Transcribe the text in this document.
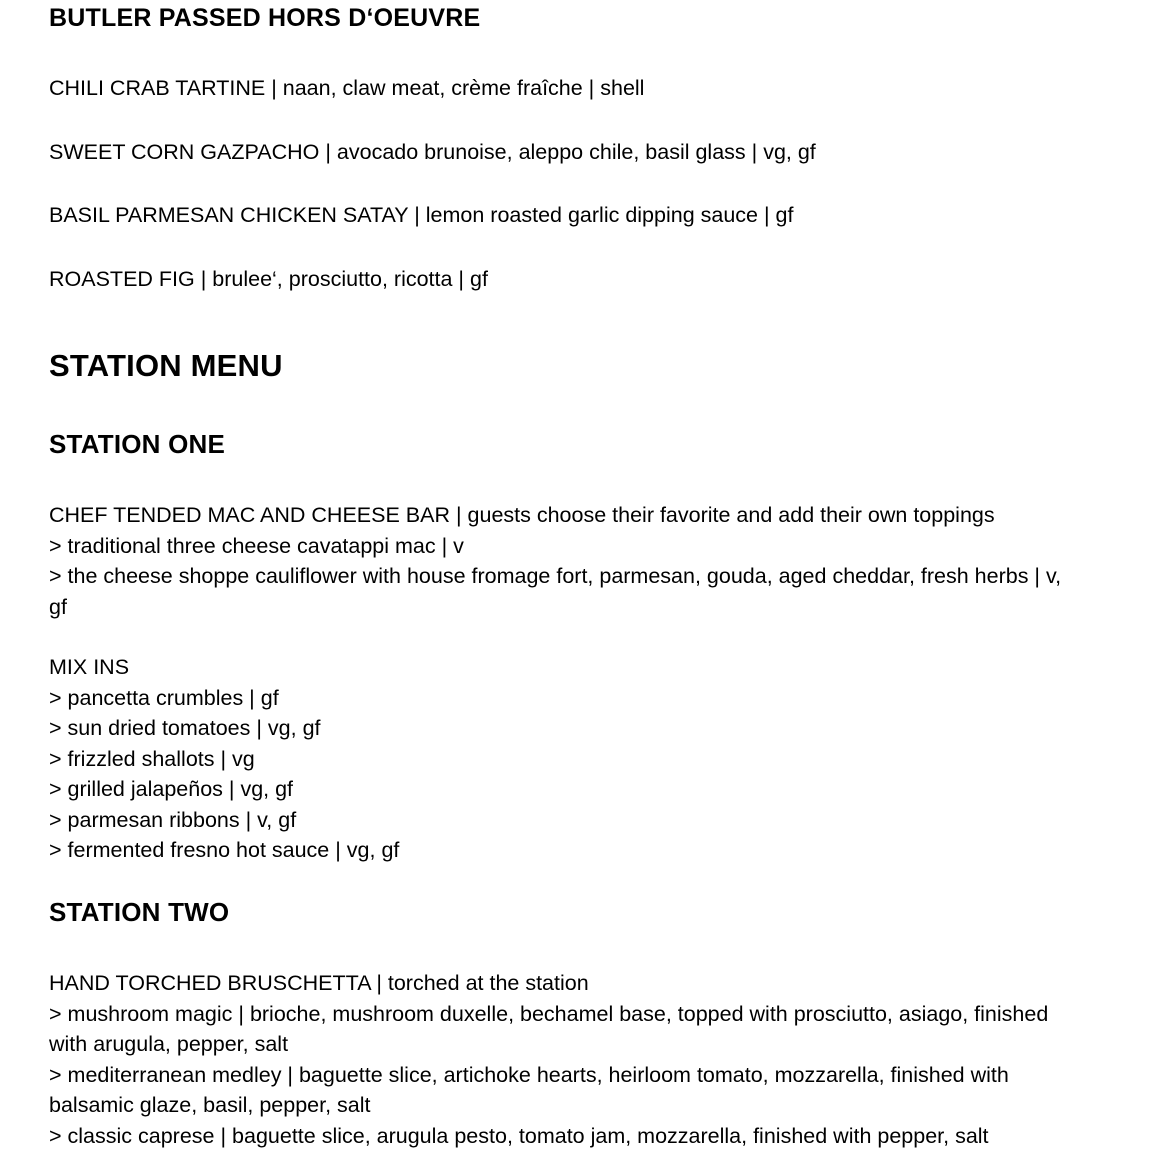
BUTLER PASSED HORS D‘OEUVRE

CHILI CRAB TARTINE | naan, claw meat, crème fraîche | shell

SWEET CORN GAZPACHO | avocado brunoise, aleppo chile, basil glass | vg, gf

BASIL PARMESAN CHICKEN SATAY | lemon roasted garlic dipping sauce | gf

ROASTED FIG | brulee‘, prosciutto, ricotta | gf

STATION MENU
STATION ONE
CHEF TENDED MAC AND CHEESE BAR | guests choose their favorite and add their own toppings
> traditional three cheese cavatappi mac | v
> the cheese shoppe cauliflower with house fromage fort, parmesan, gouda, aged cheddar, fresh herbs | v,
gf
MIX INS
> pancetta crumbles | gf
> sun dried tomatoes | vg, gf
> frizzled shallots | vg
> grilled jalapeños | vg, gf
> parmesan ribbons | v, gf
> fermented fresno hot sauce | vg, gf
STATION TWO
HAND TORCHED BRUSCHETTA | torched at the station
> mushroom magic | brioche, mushroom duxelle, bechamel base, topped with prosciutto, asiago, finished
with arugula, pepper, salt
> mediterranean medley | baguette slice, artichoke hearts, heirloom tomato, mozzarella, finished with
balsamic glaze, basil, pepper, salt
> classic caprese | baguette slice, arugula pesto, tomato jam, mozzarella, finished with pepper, salt
